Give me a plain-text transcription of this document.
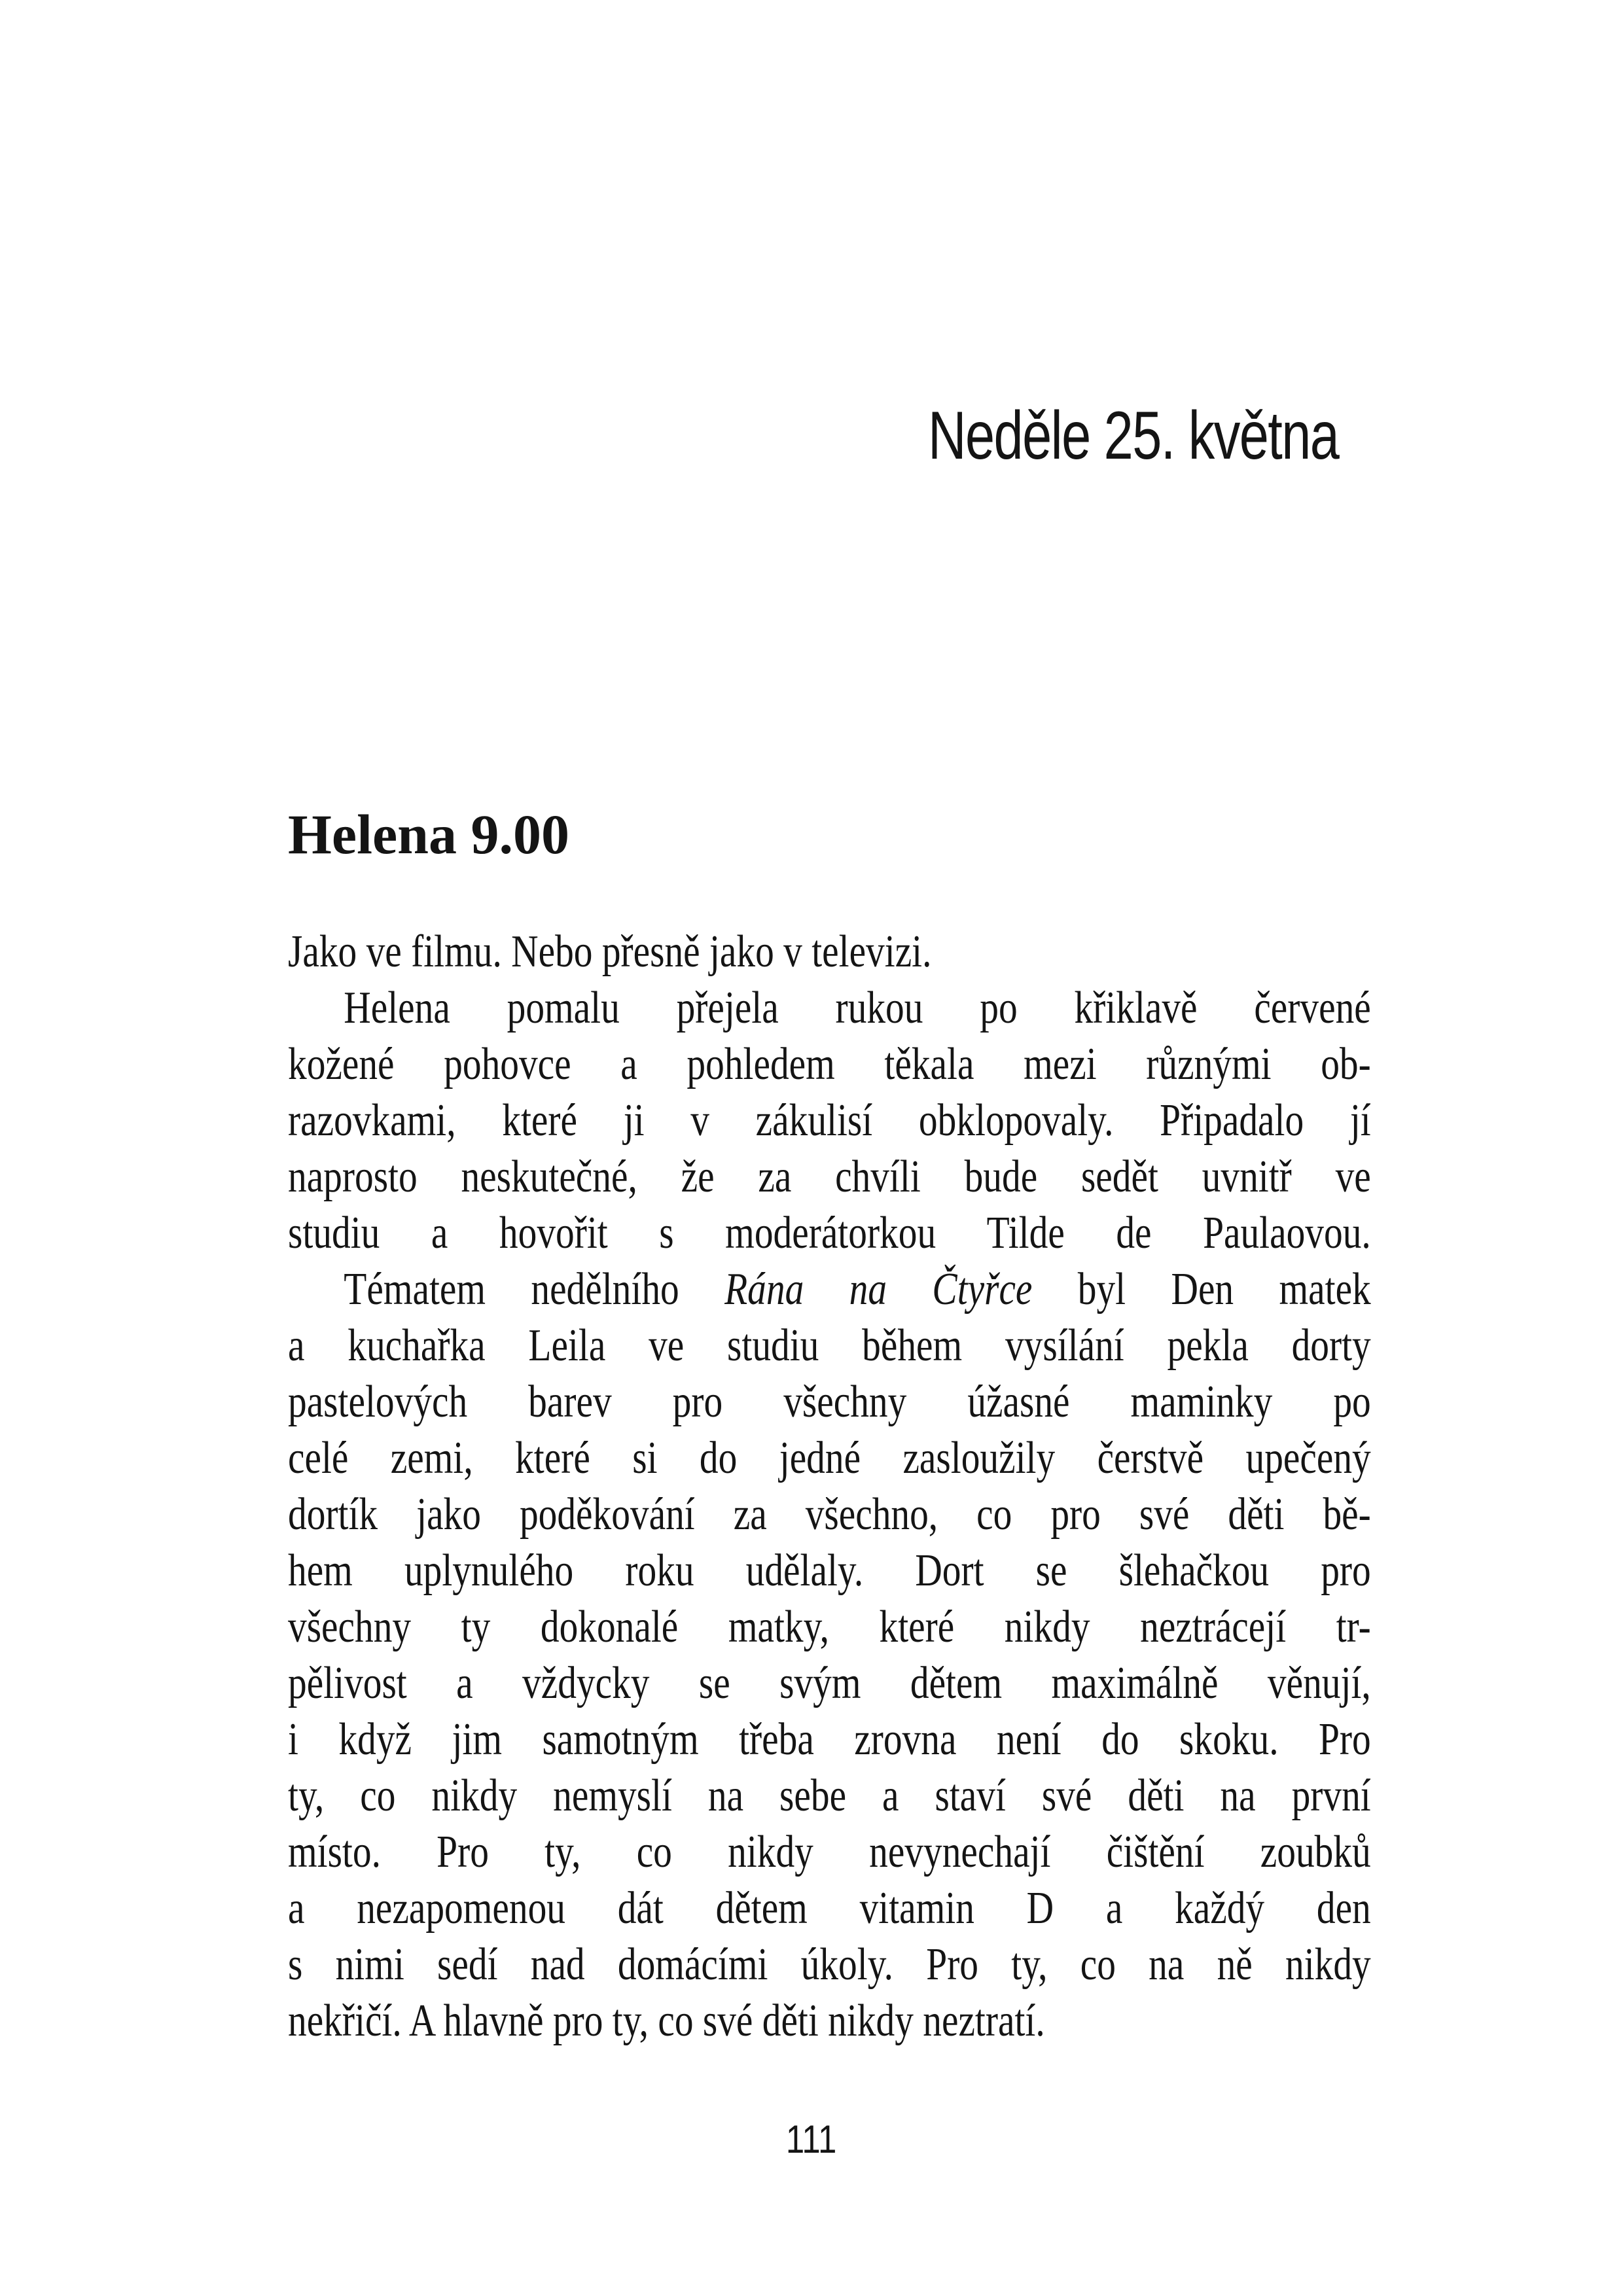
Neděle 25. května
Helena 9.00
Jako ve filmu. Nebo přesně jako v televizi.
Helena pomalu přejela rukou po křiklavě červené
kožené pohovce a pohledem těkala mezi různými ob-
razovkami, které ji v zákulisí obklopovaly. Připadalo jí
naprosto neskutečné, že za chvíli bude sedět uvnitř ve
studiu a hovořit s moderátorkou Tilde de Paulaovou.
Tématem nedělního Rána na Čtyřce byl Den matek
a kuchařka Leila ve studiu během vysílání pekla dorty
pastelových barev pro všechny úžasné maminky po
celé zemi, které si do jedné zasloužily čerstvě upečený
dortík jako poděkování za všechno, co pro své děti bě-
hem uplynulého roku udělaly. Dort se šlehačkou pro
všechny ty dokonalé matky, které nikdy neztrácejí tr-
pělivost a vždycky se svým dětem maximálně věnují,
i když jim samotným třeba zrovna není do skoku. Pro
ty, co nikdy nemyslí na sebe a staví své děti na první
místo. Pro ty, co nikdy nevynechají čištění zoubků
a nezapomenou dát dětem vitamin D a každý den
s nimi sedí nad domácími úkoly. Pro ty, co na ně nikdy
nekřičí. A hlavně pro ty, co své děti nikdy neztratí.
111
